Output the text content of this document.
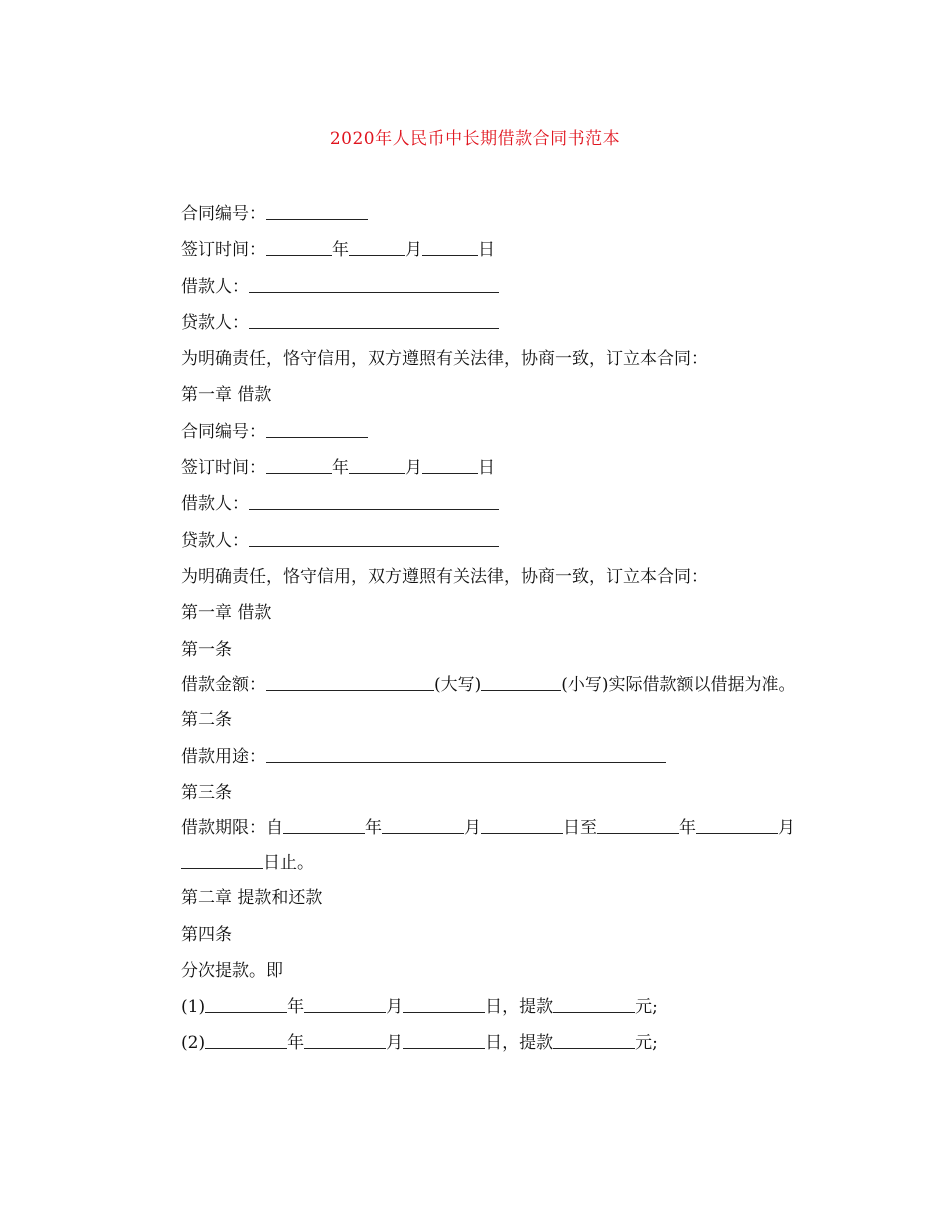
2020年人民币中长期借款合同书范本

合同编号：

签订时间：	年	月	日

借款人：

贷款人：

为明确责任，恪守信用，双方遵照有关法律，协商一致，订立本合同：

第一章 借款

合同编号：

签订时间：	年	月	日

借款人：

贷款人：

为明确责任，恪守信用，双方遵照有关法律，协商一致，订立本合同：

第一章 借款

第一条

借款金额：	(大写)	(小写)实际借款额以借据为准。

第二条

借款用途：

第三条

借款期限：自	年	月	日至	年	月日止。

第二章 提款和还款

第四条

分次提款。即

(1)	年	月	日，提款	元;

(2)	年	月	日，提款	元;
